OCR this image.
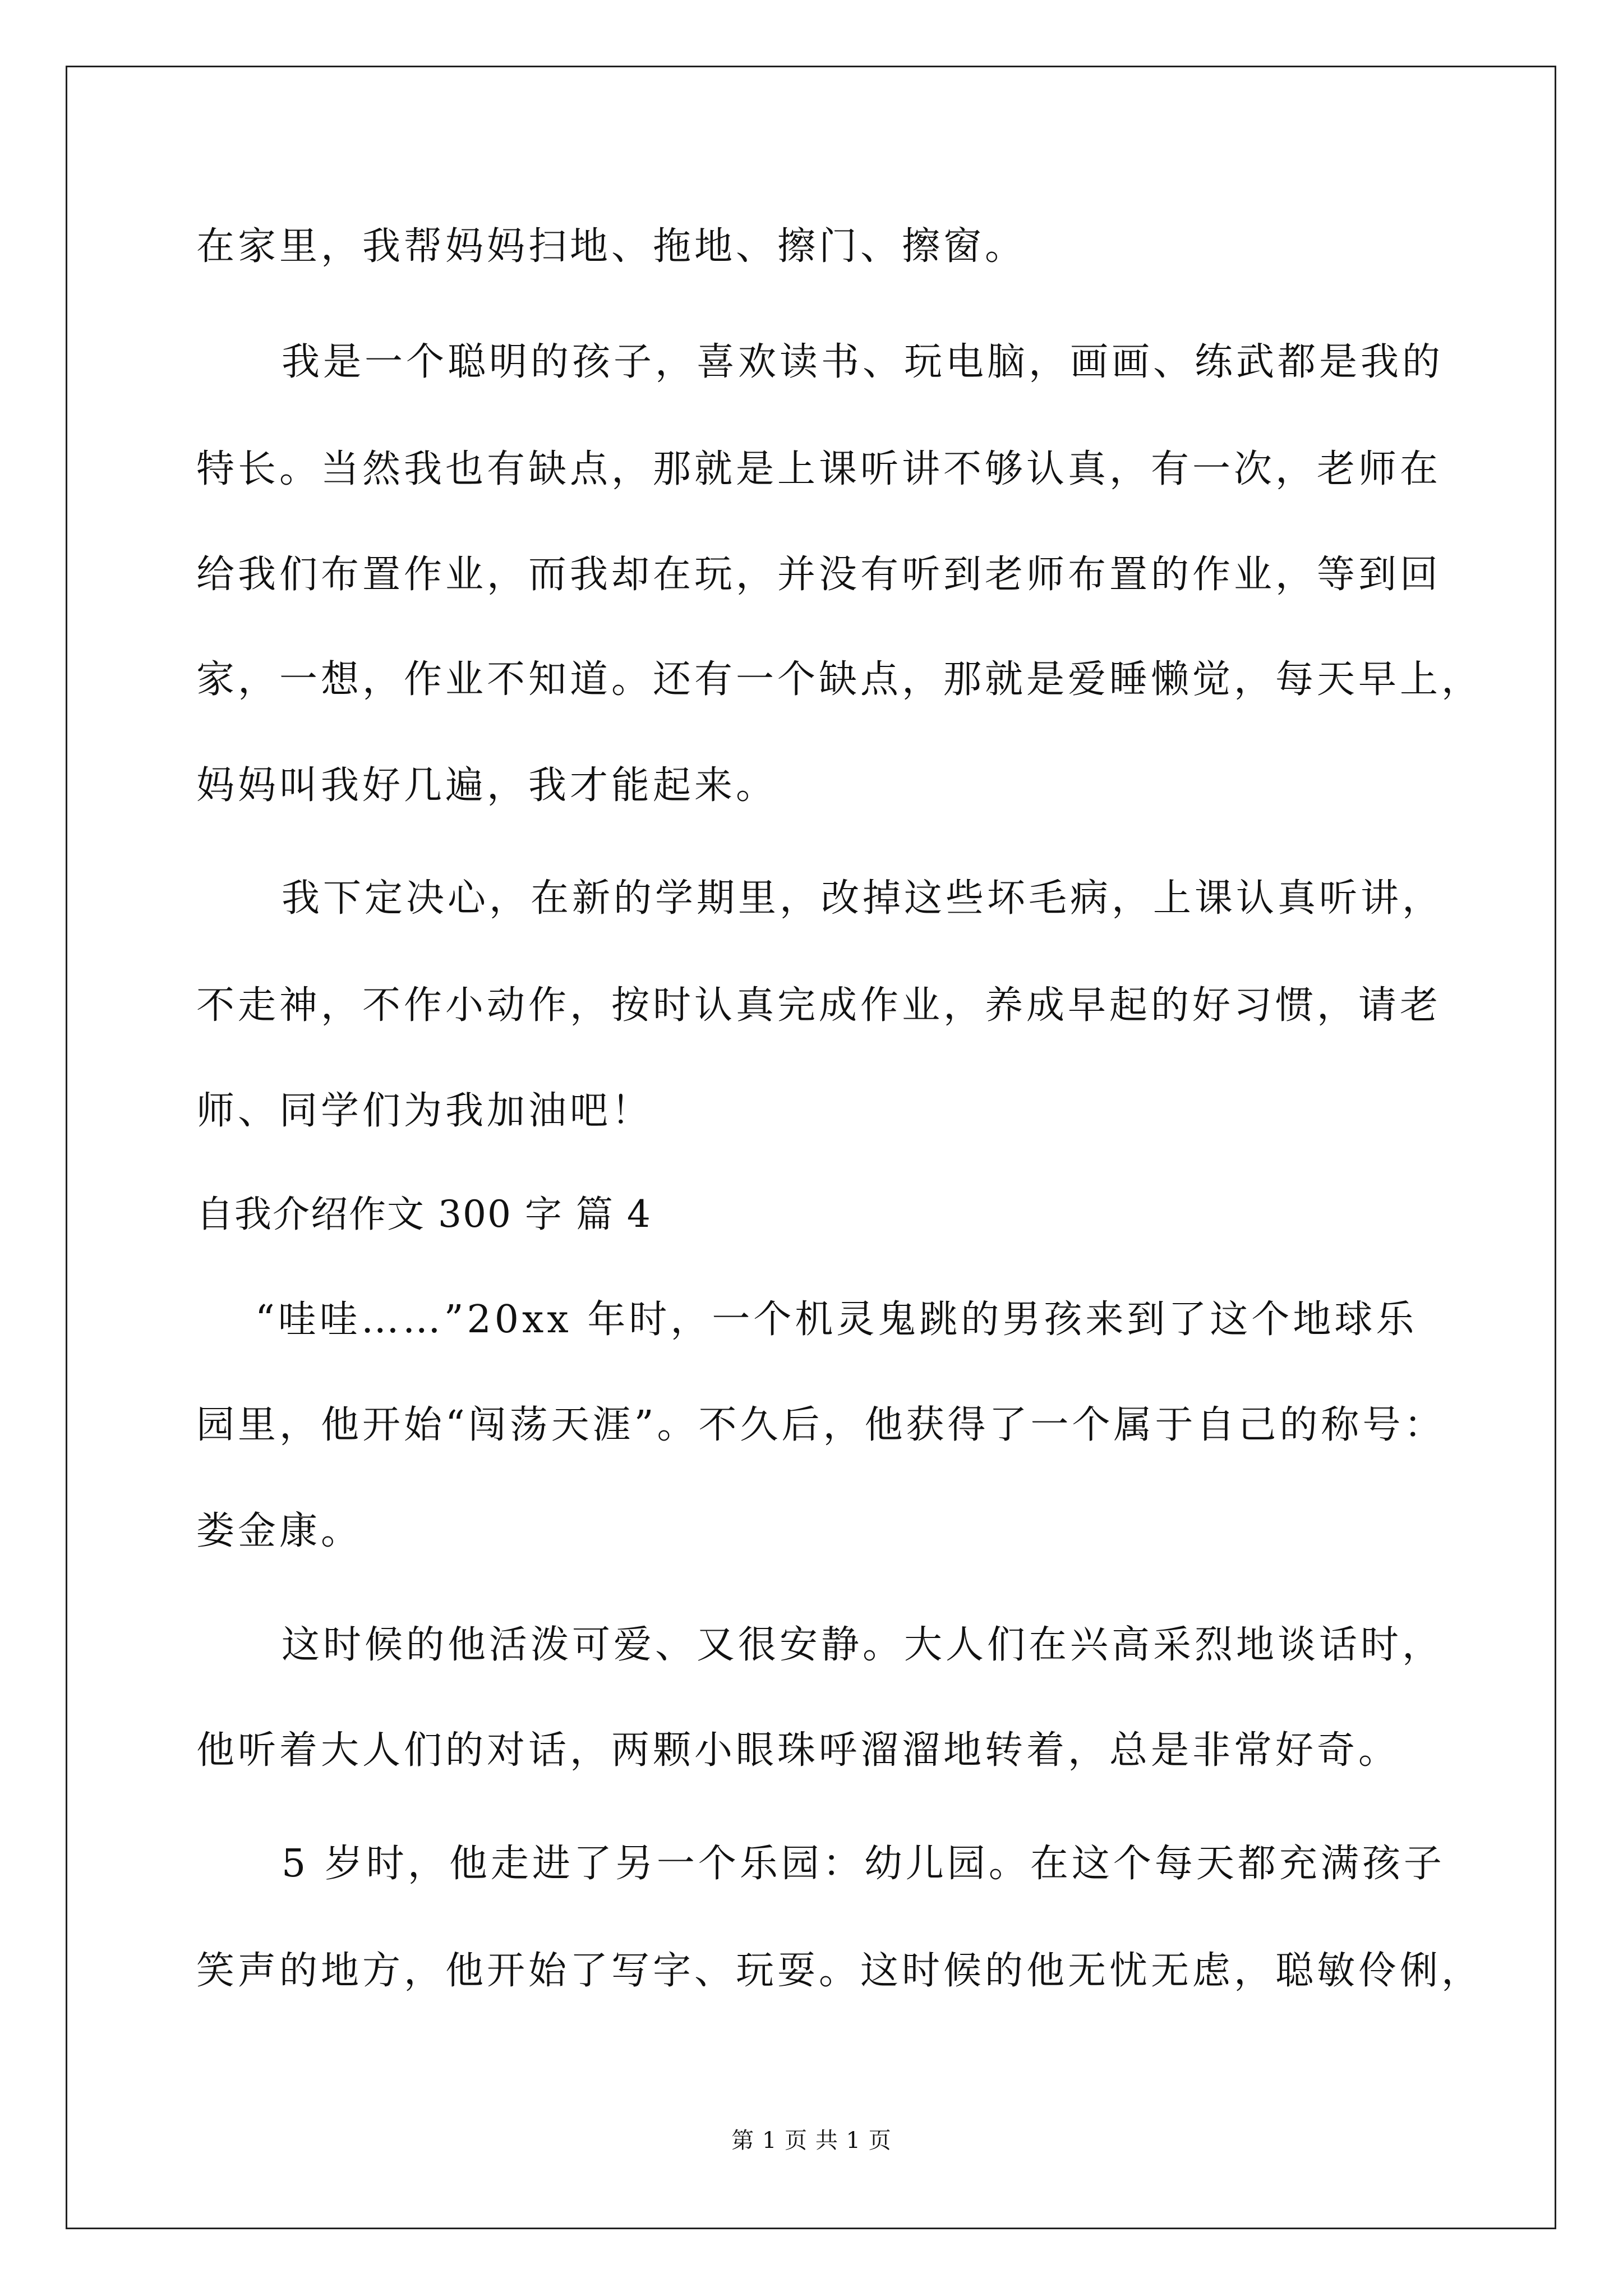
在家里，我帮妈妈扫地、拖地、擦门、擦窗。
我是一个聪明的孩子，喜欢读书、玩电脑，画画、练武都是我的
特长。当然我也有缺点，那就是上课听讲不够认真，有一次，老师在
给我们布置作业，而我却在玩，并没有听到老师布置的作业，等到回
家，一想，作业不知道。还有一个缺点，那就是爱睡懒觉，每天早上，
妈妈叫我好几遍，我才能起来。
我下定决心，在新的学期里，改掉这些坏毛病，上课认真听讲，
不走神，不作小动作，按时认真完成作业，养成早起的好习惯，请老
师、同学们为我加油吧！
自我介绍作文 300 字 篇 4
“哇哇……”20xx 年时，一个机灵鬼跳的男孩来到了这个地球乐
园里，他开始“闯荡天涯”。不久后，他获得了一个属于自己的称号：
娄金康。
这时候的他活泼可爱、又很安静。大人们在兴高采烈地谈话时，
他听着大人们的对话，两颗小眼珠呼溜溜地转着，总是非常好奇。
5 岁时，他走进了另一个乐园：幼儿园。在这个每天都充满孩子
笑声的地方，他开始了写字、玩耍。这时候的他无忧无虑，聪敏伶俐，
第 1 页 共 1 页
